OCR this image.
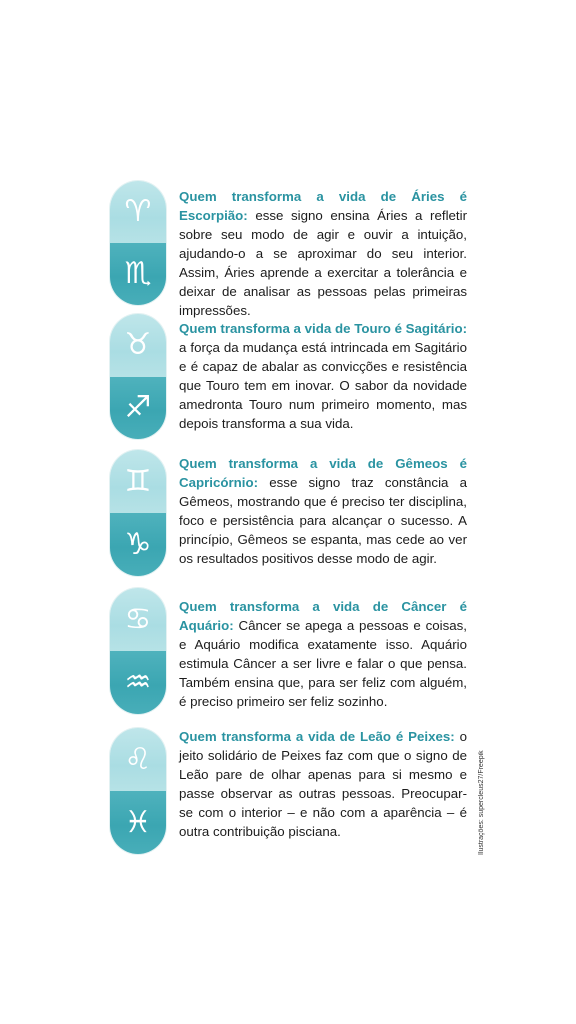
♈
♏
Quem transforma a vida de Áries é Escorpião: esse signo ensina Áries a refletir sobre seu modo de agir e ouvir a intuição, ajudando-o a se aproximar do seu interior. Assim, Áries aprende a exercitar a tolerância e deixar de analisar as pessoas pelas primeiras impressões.
♉
♐
Quem transforma a vida de Touro é Sagitário: a força da mudança está intrincada em Sagitário e é capaz de abalar as convicções e resistência que Touro tem em inovar. O sabor da novidade amedronta Touro num primeiro momento, mas depois transforma a sua vida.
♊
♑
Quem transforma a vida de Gêmeos é Capricórnio: esse signo traz constância a Gêmeos, mostrando que é preciso ter disciplina, foco e persistência para alcançar o sucesso. A princípio, Gêmeos se espanta, mas cede ao ver os resultados positivos desse modo de agir.
♋
♒
Quem transforma a vida de Câncer é Aquário: Câncer se apega a pessoas e coisas, e Aquário modifica exatamente isso. Aquário estimula Câncer a ser livre e falar o que pensa. Também ensina que, para ser feliz com alguém, é preciso primeiro ser feliz sozinho.
♌
♓
Quem transforma a vida de Leão é Peixes: o jeito solidário de Peixes faz com que o signo de Leão pare de olhar apenas para si mesmo e passe observar as outras pessoas. Preocupar-se com o interior – e não com a aparência – é outra contribuição pisciana.	Ilustrações: supercleus27/Freepik
